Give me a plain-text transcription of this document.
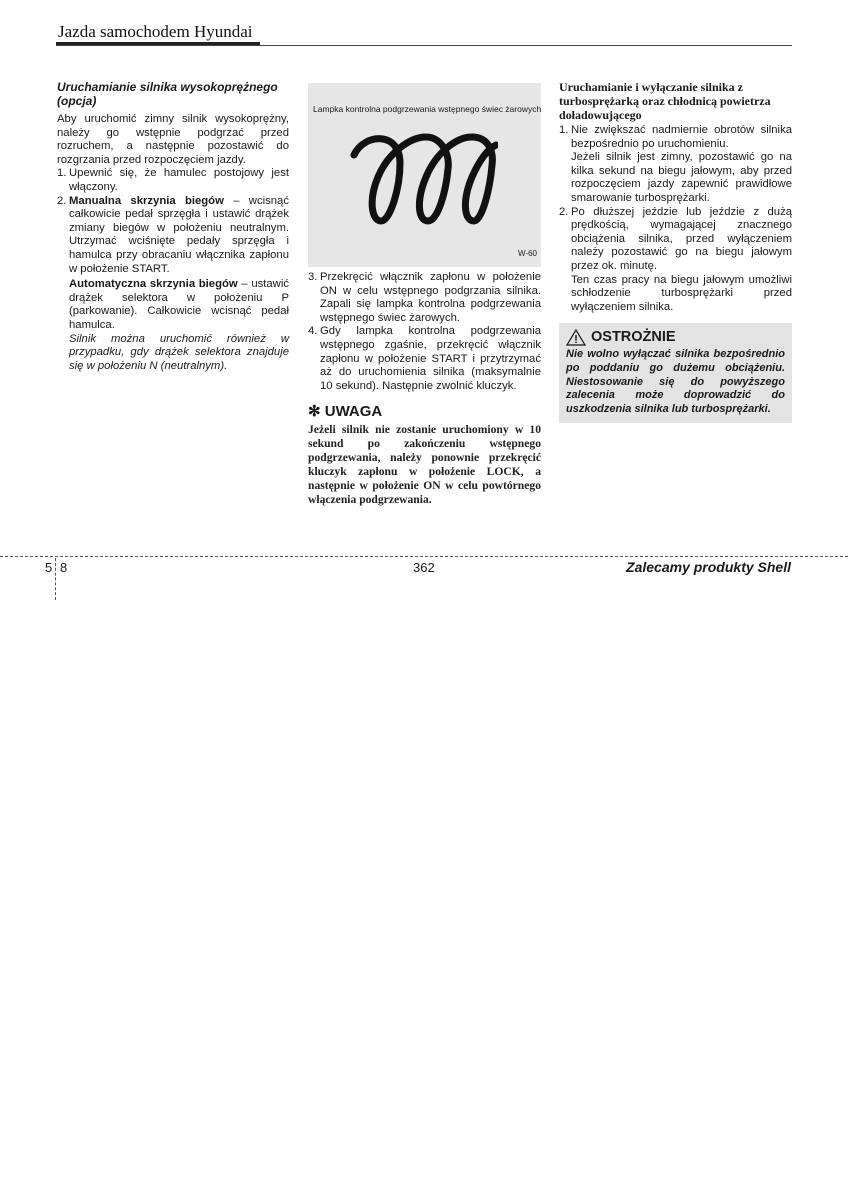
Jazda samochodem Hyundai
Uruchamianie silnika wysokoprężnego (opcja)

Aby uruchomić zimny silnik wysokoprężny, należy go wstępnie podgrzać przed rozruchem, a następnie pozostawić do rozgrzania przed rozpoczęciem jazdy.

1. Upewnić się, że hamulec postojowy jest włączony.
2. Manualna skrzynia biegów – wcisnąć całkowicie pedał sprzęgła i ustawić drążek zmiany biegów w położeniu neutralnym. Utrzymać wciśnięte pedały sprzęgła i hamulca przy obracaniu włącznika zapłonu w położenie START.
Automatyczna skrzynia biegów – ustawić drążek selektora w położeniu P (parkowanie). Całkowicie wcisnąć pedał hamulca.
Silnik można uruchomić również w przypadku, gdy drążek selektora znajduje się w położeniu N (neutralnym).
Lampka kontrolna podgrzewania wstępnego świec żarowych
W-60
3. Przekręcić włącznik zapłonu w położenie ON w celu wstępnego podgrzania silnika. Zapali się lampka kontrolna podgrzewania wstępnego świec żarowych.
4. Gdy lampka kontrolna podgrzewania wstępnego zgaśnie, przekręcić włącznik zapłonu w położenie START i przytrzymać aż do uruchomienia silnika (maksymalnie 10 sekund). Następnie zwolnić kluczyk.
✻ UWAGA
Jeżeli silnik nie zostanie uruchomiony w 10 sekund po zakończeniu wstępnego podgrzewania, należy ponownie przekręcić kluczyk zapłonu w położenie LOCK, a następnie w położenie ON w celu powtórnego włączenia podgrzewania.
Uruchamianie i wyłączanie silnika z turbosprężarką oraz chłodnicą powietrza doładowującego
1. Nie zwiększać nadmiernie obrotów silnika bezpośrednio po uruchomieniu.
Jeżeli silnik jest zimny, pozostawić go na kilka sekund na biegu jałowym, aby przed rozpoczęciem jazdy zapewnić prawidłowe smarowanie turbosprężarki.
2. Po dłuższej jeździe lub jeździe z dużą prędkością, wymagającej znacznego obciążenia silnika, przed wyłączeniem należy pozostawić go na biegu jałowym przez ok. minutę.
Ten czas pracy na biegu jałowym umożliwi schłodzenie turbosprężarki przed wyłączeniem silnika.
OSTROŻNIE
Nie wolno wyłączać silnika bezpośrednio po poddaniu go dużemu obciążeniu. Niestosowanie się do powyższego zalecenia może doprowadzić do uszkodzenia silnika lub turbosprężarki.
5 8	362	Zalecamy produkty Shell
